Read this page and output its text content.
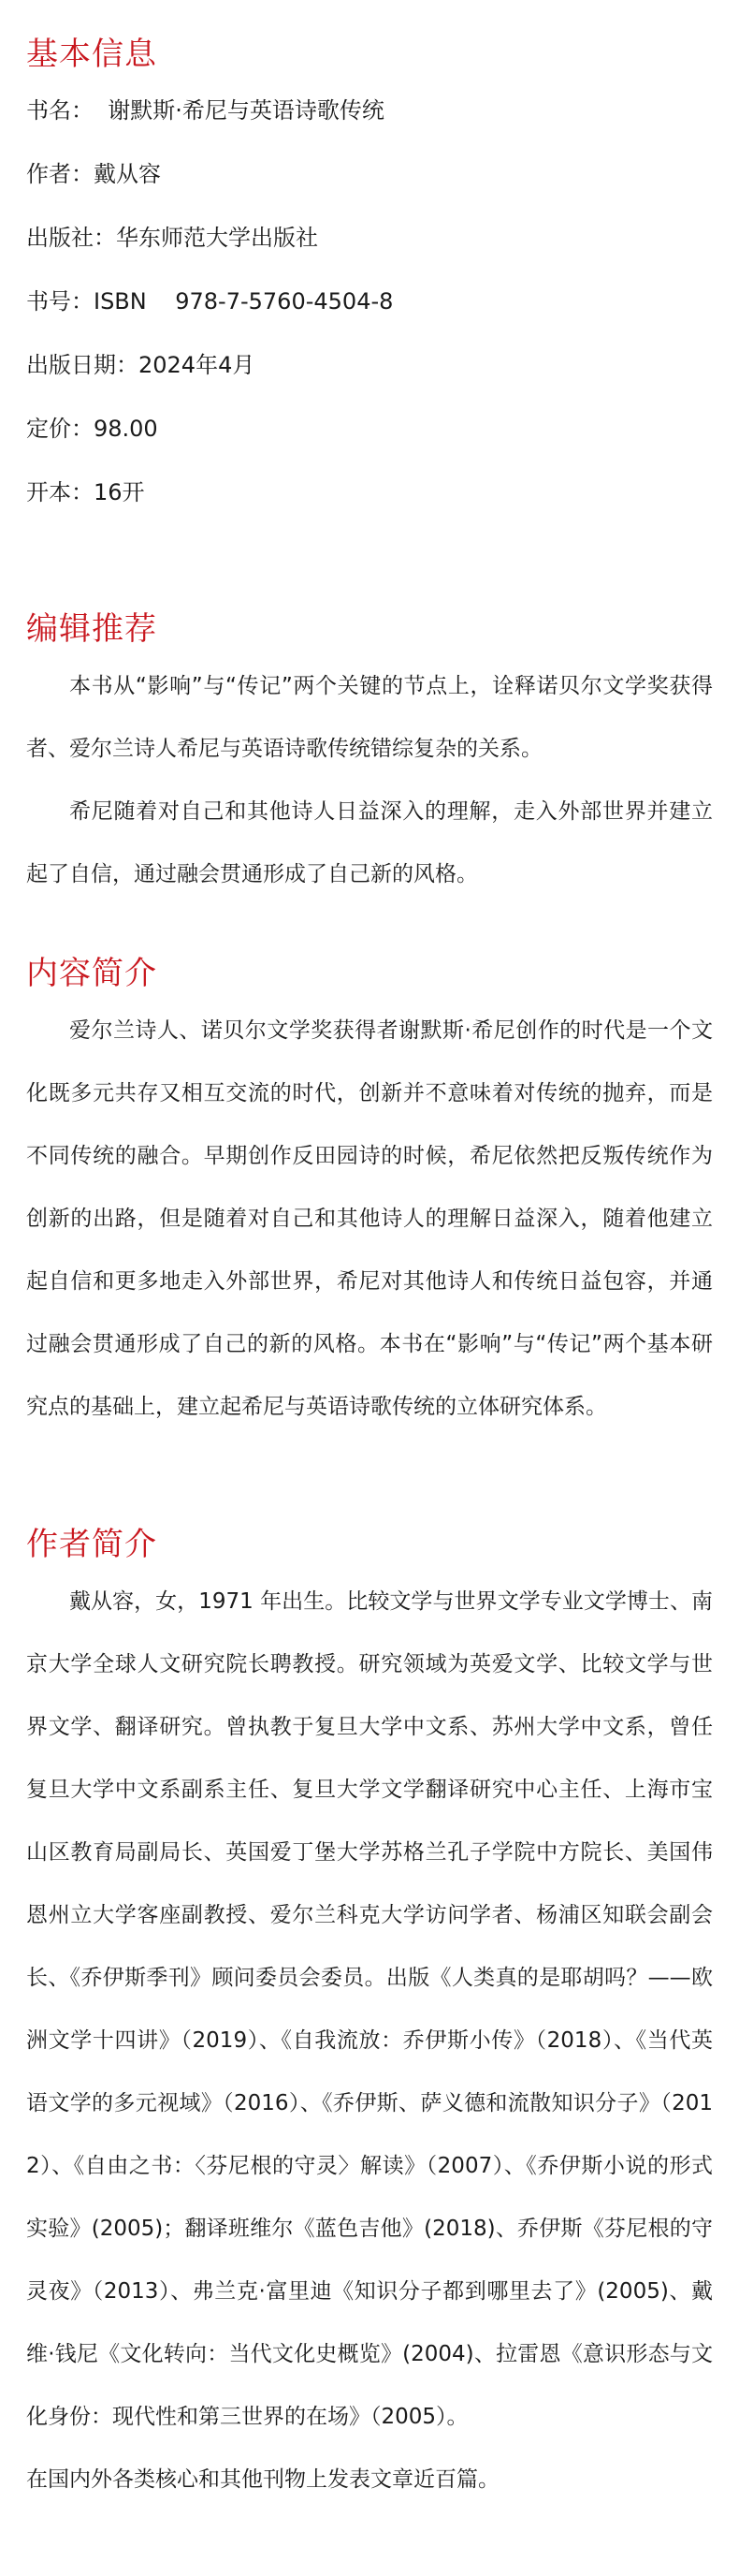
基本信息

书名：  谢默斯·希尼与英语诗歌传统

作者：戴从容

出版社：华东师范大学出版社

书号：ISBN    978-7-5760-4504-8

出版日期：2024年4月

定价：98.00

开本：16开

编辑推荐

本书从“影响”与“传记”两个关键的节点上，诠释诺贝尔文学奖获得者、爱尔兰诗人希尼与英语诗歌传统错综复杂的关系。

希尼随着对自己和其他诗人日益深入的理解，走入外部世界并建立起了自信，通过融会贯通形成了自己新的风格。

内容简介

爱尔兰诗人、诺贝尔文学奖获得者谢默斯·希尼创作的时代是一个文化既多元共存又相互交流的时代，创新并不意味着对传统的抛弃，而是不同传统的融合。早期创作反田园诗的时候，希尼依然把反叛传统作为创新的出路，但是随着对自己和其他诗人的理解日益深入，随着他建立起自信和更多地走入外部世界，希尼对其他诗人和传统日益包容，并通过融会贯通形成了自己的新的风格。本书在“影响”与“传记”两个基本研究点的基础上，建立起希尼与英语诗歌传统的立体研究体系。

作者简介

戴从容，女，1971 年出生。比较文学与世界文学专业文学博士、南京大学全球人文研究院长聘教授。研究领域为英爱文学、比较文学与世界文学、翻译研究。曾执教于复旦大学中文系、苏州大学中文系，曾任复旦大学中文系副系主任、复旦大学文学翻译研究中心主任、上海市宝山区教育局副局长、英国爱丁堡大学苏格兰孔子学院中方院长、美国伟恩州立大学客座副教授、爱尔兰科克大学访问学者、杨浦区知联会副会长、《乔伊斯季刊》顾问委员会委员。出版《人类真的是耶胡吗？——欧洲文学十四讲》（2019）、《自我流放：乔伊斯小传》（2018）、《当代英语文学的多元视域》（2016）、《乔伊斯、萨义德和流散知识分子》（2012）、《自由之书：〈芬尼根的守灵〉解读》（2007）、《乔伊斯小说的形式实验》(2005)；翻译班维尔《蓝色吉他》(2018)、乔伊斯《芬尼根的守灵夜》（2013）、弗兰克·富里迪《知识分子都到哪里去了》(2005)、戴维·钱尼《文化转向：当代文化史概览》(2004)、拉雷恩《意识形态与文化身份：现代性和第三世界的在场》（2005）。

在国内外各类核心和其他刊物上发表文章近百篇。
